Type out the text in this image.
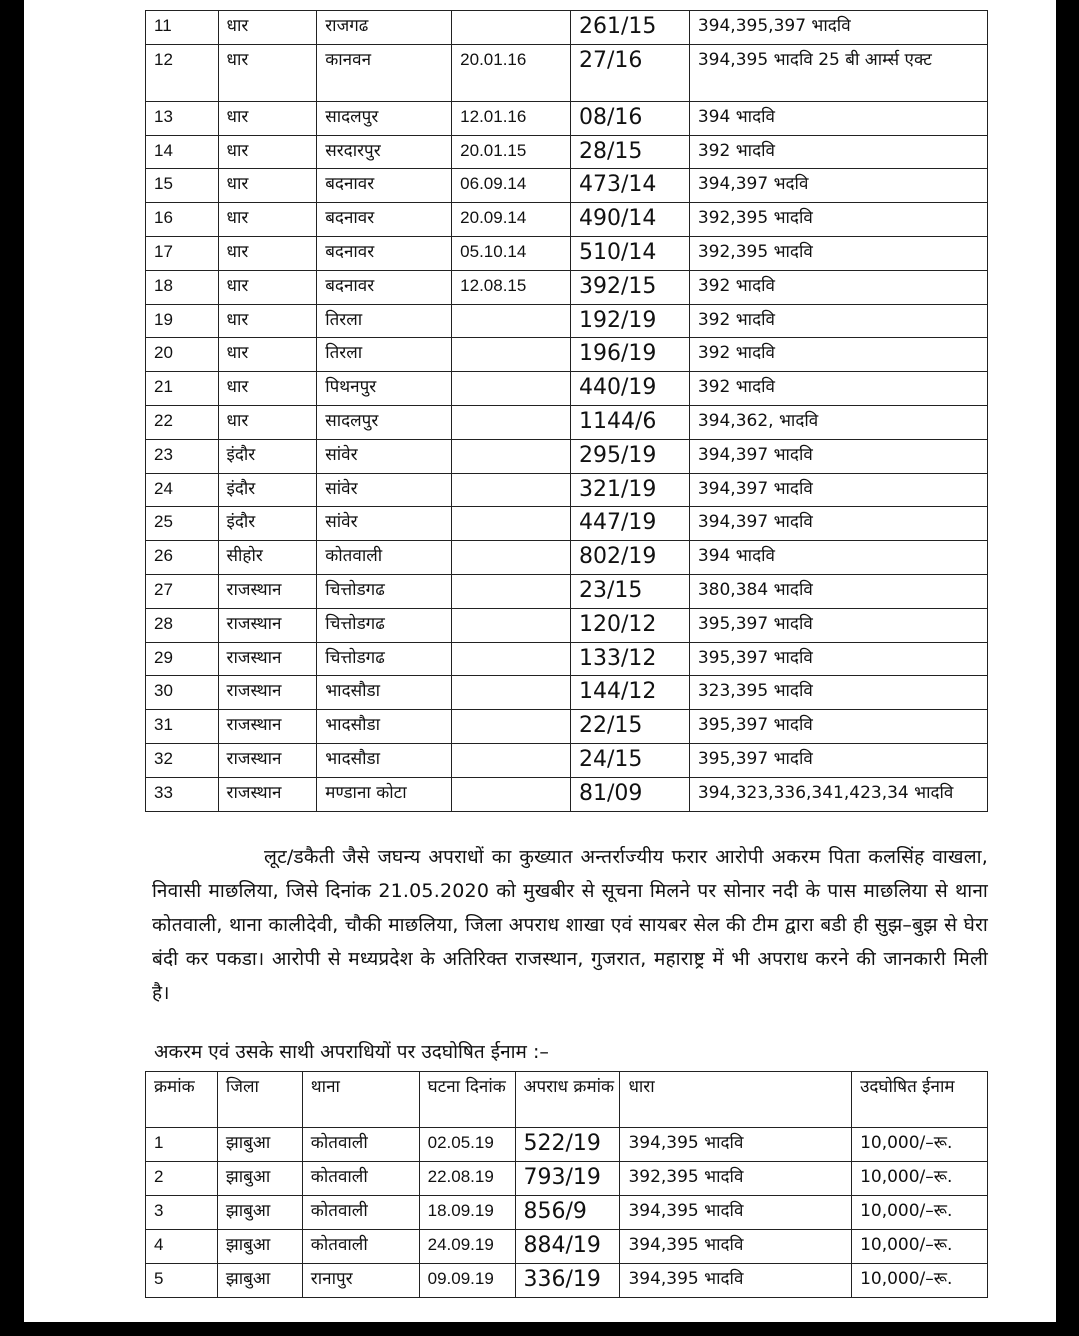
11	धार	राजगढ		261/15	394,395,397 भादवि
12	धार	कानवन	20.01.16	27/16	394,395 भादवि 25 बी आर्म्स एक्ट
13	धार	सादलपुर	12.01.16	08/16	394 भादवि
14	धार	सरदारपुर	20.01.15	28/15	392 भादवि
15	धार	बदनावर	06.09.14	473/14	394,397 भदवि
16	धार	बदनावर	20.09.14	490/14	392,395 भादवि
17	धार	बदनावर	05.10.14	510/14	392,395 भादवि
18	धार	बदनावर	12.08.15	392/15	392 भादवि
19	धार	तिरला		192/19	392 भादवि
20	धार	तिरला		196/19	392 भादवि
21	धार	पिथनपुर		440/19	392 भादवि
22	धार	सादलपुर		1144/6	394,362, भादवि
23	इंदौर	सांवेर		295/19	394,397 भादवि
24	इंदौर	सांवेर		321/19	394,397 भादवि
25	इंदौर	सांवेर		447/19	394,397 भादवि
26	सीहोर	कोतवाली		802/19	394 भादवि
27	राजस्थान	चित्तोडगढ		23/15	380,384 भादवि
28	राजस्थान	चित्तोडगढ		120/12	395,397 भादवि
29	राजस्थान	चित्तोडगढ		133/12	395,397 भादवि
30	राजस्थान	भादसौडा		144/12	323,395 भादवि
31	राजस्थान	भादसौडा		22/15	395,397 भादवि
32	राजस्थान	भादसौडा		24/15	395,397 भादवि
33	राजस्थान	मण्डाना कोटा		81/09	394,323,336,341,423,34 भादवि

लूट/डकैती जैसे जघन्य अपराधों का कुख्यात अन्तर्राज्यीय फरार आरोपी अकरम पिता कलसिंह वाखला, निवासी माछलिया, जिसे दिनांक 21.05.2020 को मुखबीर से सूचना मिलने पर सोनार नदी के पास माछलिया से थाना कोतवाली, थाना कालीदेवी, चौकी माछलिया, जिला अपराध शाखा एवं सायबर सेल की टीम द्वारा बडी ही सुझ–बुझ से घेरा बंदी कर पकडा। आरोपी से मध्यप्रदेश के अतिरिक्त राजस्थान, गुजरात, महाराष्ट्र में भी अपराध करने की जानकारी मिली है।

अकरम एवं उसके साथी अपराधियों पर उदघोषित ईनाम :–
क्रमांक	जिला	थाना	घटना दिनांक	अपराध क्रमांक	धारा	उदघोषित ईनाम
1	झाबुआ	कोतवाली	02.05.19	522/19	394,395 भादवि	10,000/–रू.
2	झाबुआ	कोतवाली	22.08.19	793/19	392,395 भादवि	10,000/–रू.
3	झाबुआ	कोतवाली	18.09.19	856/9	394,395 भादवि	10,000/–रू.
4	झाबुआ	कोतवाली	24.09.19	884/19	394,395 भादवि	10,000/–रू.
5	झाबुआ	रानापुर	09.09.19	336/19	394,395 भादवि	10,000/–रू.
